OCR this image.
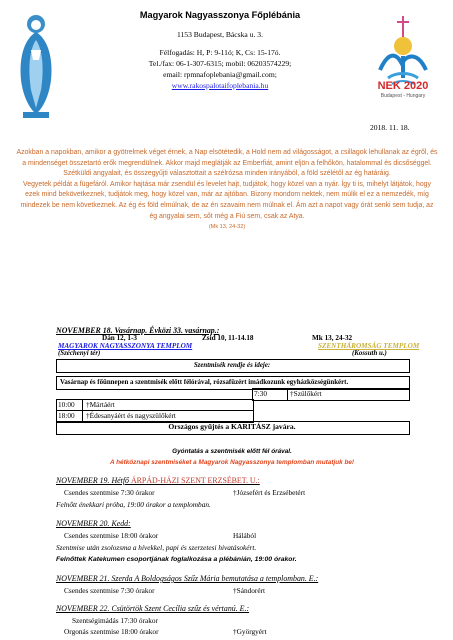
Magyarok Nagyasszonya Főplébánia
1153 Budapest, Bácska u. 3.
Félfogadás: H, P: 9-11ó; K, Cs: 15-17ó.
Tel./fax: 06-1-307-6315; mobil: 06203574229;
email: rpmnafoplebania@gmail.com;
www.rakospalotaifoplebania.hu	NEK 2020
Budapest - Hungary
2018. 11. 18.

Azokban a napokban, amikor a gyötrelmek véget érnek, a Nap elsötétedik, a Hold nem ad világosságot, a csillagok lehullanak az égről, és a mindenséget összetartó erők megrendülnek. Akkor majd meglátják az Emberfiát, amint eljön a felhőkön, hatalommal és dicsőséggel. Szétküldi angyalait, és összegyűjti választottait a szélrózsa minden irányából, a föld szélétől az ég határáig.

Vegyetek példát a fügefáról. Amikor hajtása már zsendül és levelet hajt, tudjátok, hogy közel van a nyár. Így ti is, mihelyt látjátok, hogy ezek mind bekövetkeznek, tudjátok meg, hogy közel van, már az ajtóban. Bizony mondom nektek, nem múlik el ez a nemzedék, míg mindezek be nem következnek. Az ég és föld elmúlnak, de az én szavaim nem múlnak el. Ám azt a napot vagy órát senki sem tudja, az ég angyalai sem, sőt még a Fiú sem, csak az Atya.

(Mk 13, 24-32)

NOVEMBER 18. Vasárnap. Évközi 33. vasárnap.:
Dán 12, 1-3	Zsid 10, 11-14.18	Mk 13, 24-32
MAGYAROK NAGYASSZONYA TEMPLOM	SZENTHÁROMSÁG TEMPLOM
(Széchenyi tér)	(Kossuth u.)
Szentmisék rendje és ideje:
Vasárnap és főünnepen a szentmisék előtt félórával, rózsafüzért imádkozunk egyházközségünkért.
7:30	†Szülőkért
10:00 †Mártáért
18:00 †Édesanyáért és nagyszülőkért
Országos gyűjtés a KARITÁSZ javára.
Gyóntatás a szentmisék előtt fél órával.
A hétköznapi szentmiséket a Magyarok Nagyasszonya templomban mutatjuk be!
NOVEMBER 19. Hétfő ÁRPÁD-HÁZI SZENT ERZSÉBET. U.:
Csendes szentmise 7:30 órakor	†Józsefért és Erzsébetért
Felnőtt énekkari próba, 19:00 órakor a templomban.
NOVEMBER 20. Kedd:
Csendes szentmise 18:00 órakor	Hálából
Szentmise után zsolozsma a hívekkel, papi és szerzetesi hivatásokért.
Felnőttek Katekumen csoportjának foglalkozása a plébánián, 19:00 órakor.
NOVEMBER 21. Szerda A Boldogságos Szűz Mária bemutatása a templomban. E.:
Csendes szentmise 7:30 órakor	†Sándorért
NOVEMBER 22. Csütörtök Szent Cecília szűz és vértanú. E.:
Szentségimádás 17:30 órakor
Orgonás szentmise 18:00 órakor	†Györgyért
